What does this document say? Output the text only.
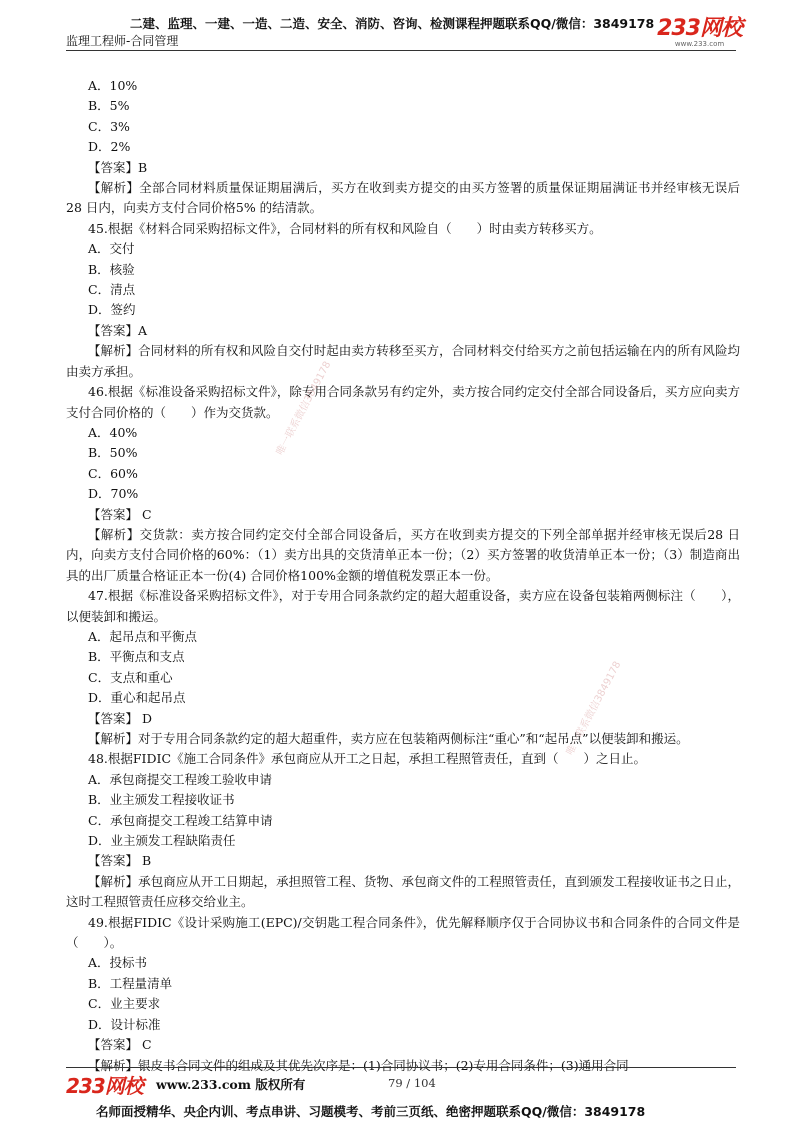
二建、监理、一建、一造、二造、安全、消防、咨询、检测课程押题联系QQ/微信：3849178
监理工程师-合同管理	233网校
www.233.com
A．10%
B．5%
C．3%
D．2%
【答案】B
【解析】全部合同材料质量保证期届满后，买方在收到卖方提交的由买方签署的质量保证期届满证书并经审核无误后28 日内，向卖方支付合同价格5% 的结清款。
45.根据《材料合同采购招标文件》，合同材料的所有权和风险自（　　）时由卖方转移买方。
A．交付
B．核验
C．清点
D．签约
【答案】A
【解析】合同材料的所有权和风险自交付时起由卖方转移至买方，合同材料交付给买方之前包括运输在内的所有风险均由卖方承担。
46.根据《标准设备采购招标文件》，除专用合同条款另有约定外，卖方按合同约定交付全部合同设备后，买方应向卖方支付合同价格的（　　）作为交货款。
A．40%
B．50%
C．60%
D．70%
【答案】 C
【解析】交货款：卖方按合同约定交付全部合同设备后，买方在收到卖方提交的下列全部单据并经审核无误后28 日内，向卖方支付合同价格的60%：（1）卖方出具的交货清单正本一份；（2）买方签署的收货清单正本一份；（3）制造商出具的出厂质量合格证正本一份(4) 合同价格100%金额的增值税发票正本一份。
47.根据《标准设备采购招标文件》，对于专用合同条款约定的超大超重设备，卖方应在设备包装箱两侧标注（　　），以便装卸和搬运。
A．起吊点和平衡点
B．平衡点和支点
C．支点和重心
D．重心和起吊点
【答案】 D
【解析】对于专用合同条款约定的超大超重件，卖方应在包装箱两侧标注“重心”和“起吊点”以便装卸和搬运。
48.根据FIDIC《施工合同条件》承包商应从开工之日起，承担工程照管责任，直到（　　）之日止。
A．承包商提交工程竣工验收申请
B．业主颁发工程接收证书
C．承包商提交工程竣工结算申请
D．业主颁发工程缺陷责任
【答案】 B
【解析】承包商应从开工日期起，承担照管工程、货物、承包商文件的工程照管责任，直到颁发工程接收证书之日止，这时工程照管责任应移交给业主。
49.根据FIDIC《设计采购施工(EPC)/交钥匙工程合同条件》，优先解释顺序仅于合同协议书和合同条件的合同文件是（　　）。
A．投标书
B．工程量清单
C．业主要求
D．设计标准
【答案】 C
【解析】银皮书合同文件的组成及其优先次序是：(1)合同协议书；(2)专用合同条件；(3)通用合同
唯一联系微信3849178
唯一联系微信3849178
233网校 www.233.com 版权所有	79 / 104
名师面授精华、央企内训、考点串讲、习题模考、考前三页纸、绝密押题联系QQ/微信：3849178
